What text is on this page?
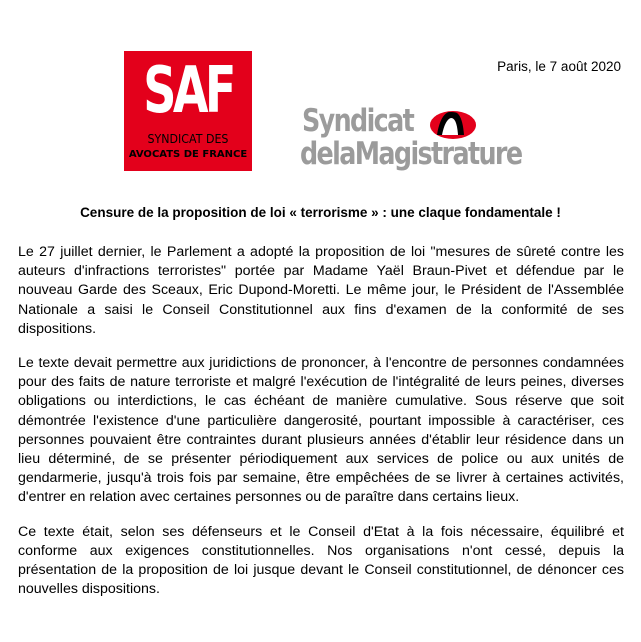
SAF
SYNDICAT DES
AVOCATS DE FRANCE
Syndicat
delaMagistrature
Paris, le 7 août 2020
Censure de la proposition de loi « terrorisme » : une claque fondamentale !

Le 27 juillet dernier, le Parlement a adopté la proposition de loi "mesures de sûreté contre les auteurs d'infractions terroristes" portée par Madame Yaël Braun-Pivet et défendue par le nouveau Garde des Sceaux, Eric Dupond-Moretti. Le même jour, le Président de l'Assemblée Nationale a saisi le Conseil Constitutionnel aux fins d'examen de la conformité de ses dispositions.

Le texte devait permettre aux juridictions de prononcer, à l'encontre de personnes condamnées pour des faits de nature terroriste et malgré l'exécution de l'intégralité de leurs peines, diverses obligations ou interdictions, le cas échéant de manière cumulative. Sous réserve que soit démontrée l'existence d'une particulière dangerosité, pourtant impossible à caractériser, ces personnes pouvaient être contraintes durant plusieurs années d'établir leur résidence dans un lieu déterminé, de se présenter périodiquement aux services de police ou aux unités de gendarmerie, jusqu'à trois fois par semaine, être empêchées de se livrer à certaines activités, d'entrer en relation avec certaines personnes ou de paraître dans certains lieux.

Ce texte était, selon ses défenseurs et le Conseil d'Etat à la fois nécessaire, équilibré et conforme aux exigences constitutionnelles. Nos organisations n'ont cessé, depuis la présentation de la proposition de loi jusque devant le Conseil constitutionnel, de dénoncer ces nouvelles dispositions.
